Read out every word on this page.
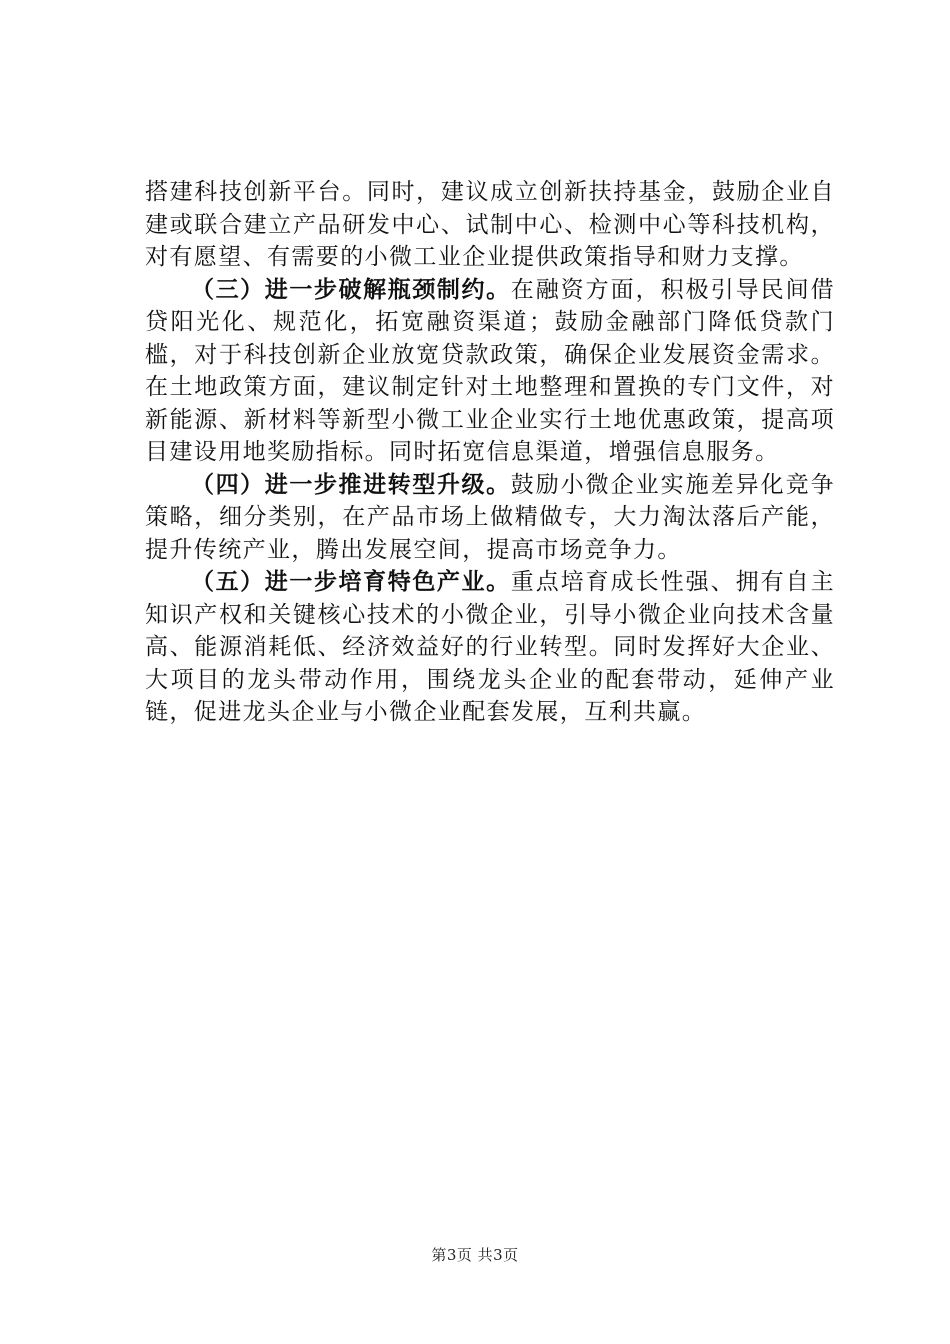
搭建科技创新平台。同时，建议成立创新扶持基金，鼓励企业自建或联合建立产品研发中心、试制中心、检测中心等科技机构，对有愿望、有需要的小微工业企业提供政策指导和财力支撑。

（三）进一步破解瓶颈制约。在融资方面，积极引导民间借贷阳光化、规范化，拓宽融资渠道；鼓励金融部门降低贷款门槛，对于科技创新企业放宽贷款政策，确保企业发展资金需求。在土地政策方面，建议制定针对土地整理和置换的专门文件，对新能源、新材料等新型小微工业企业实行土地优惠政策，提高项目建设用地奖励指标。同时拓宽信息渠道，增强信息服务。

（四）进一步推进转型升级。鼓励小微企业实施差异化竞争策略，细分类别，在产品市场上做精做专，大力淘汰落后产能，提升传统产业，腾出发展空间，提高市场竞争力。

（五）进一步培育特色产业。重点培育成长性强、拥有自主知识产权和关键核心技术的小微企业，引导小微企业向技术含量高、能源消耗低、经济效益好的行业转型。同时发挥好大企业、大项目的龙头带动作用，围绕龙头企业的配套带动，延伸产业链，促进龙头企业与小微企业配套发展，互利共赢。

第3页 共3页
